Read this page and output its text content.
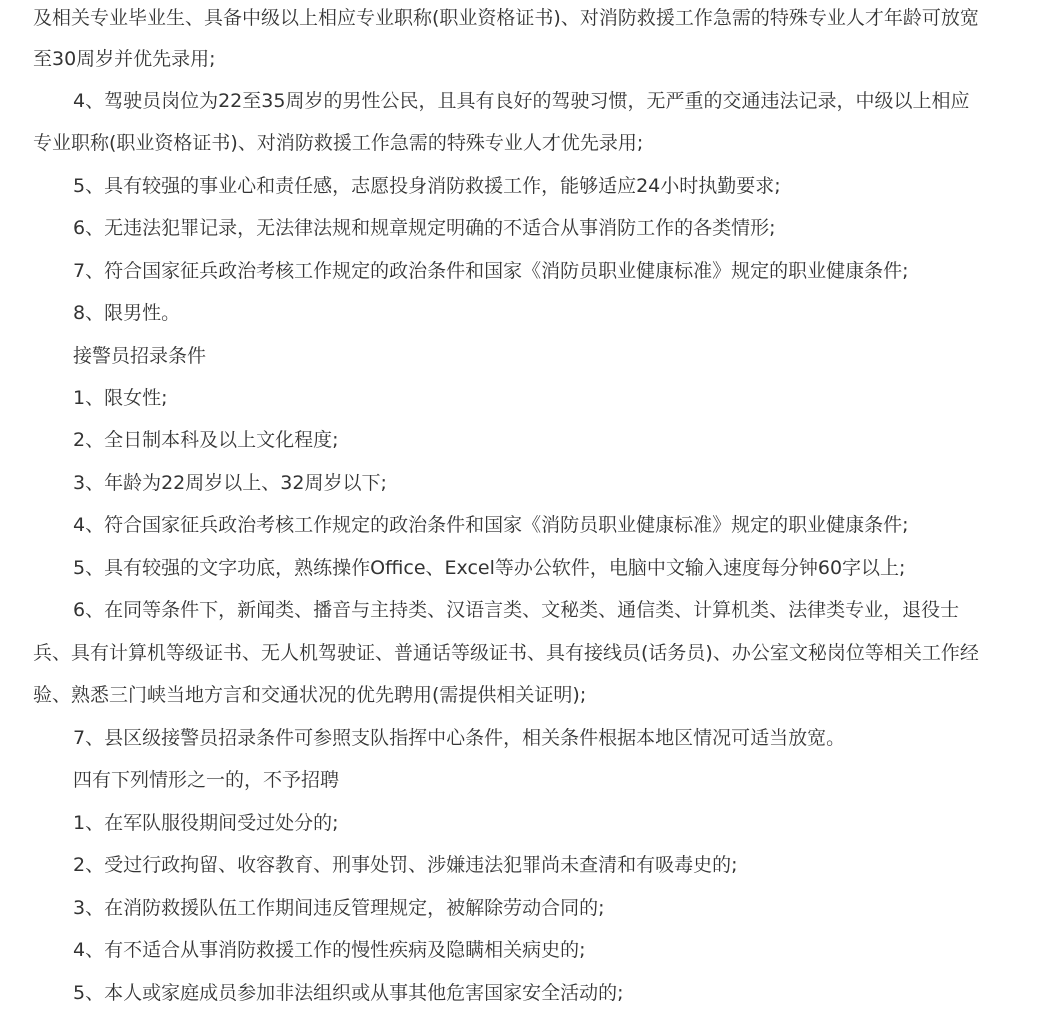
及相关专业毕业生、具备中级以上相应专业职称(职业资格证书)、对消防救援工作急需的特殊专业人才年龄可放宽
至30周岁并优先录用;
4、驾驶员岗位为22至35周岁的男性公民，且具有良好的驾驶习惯，无严重的交通违法记录，中级以上相应
专业职称(职业资格证书)、对消防救援工作急需的特殊专业人才优先录用;
5、具有较强的事业心和责任感，志愿投身消防救援工作，能够适应24小时执勤要求;
6、无违法犯罪记录，无法律法规和规章规定明确的不适合从事消防工作的各类情形;
7、符合国家征兵政治考核工作规定的政治条件和国家《消防员职业健康标准》规定的职业健康条件;
8、限男性。
接警员招录条件
1、限女性;
2、全日制本科及以上文化程度;
3、年龄为22周岁以上、32周岁以下;
4、符合国家征兵政治考核工作规定的政治条件和国家《消防员职业健康标准》规定的职业健康条件;
5、具有较强的文字功底，熟练操作Office、Excel等办公软件，电脑中文输入速度每分钟60字以上;
6、在同等条件下，新闻类、播音与主持类、汉语言类、文秘类、通信类、计算机类、法律类专业，退役士
兵、具有计算机等级证书、无人机驾驶证、普通话等级证书、具有接线员(话务员)、办公室文秘岗位等相关工作经
验、熟悉三门峡当地方言和交通状况的优先聘用(需提供相关证明);
7、县区级接警员招录条件可参照支队指挥中心条件，相关条件根据本地区情况可适当放宽。
四有下列情形之一的，不予招聘
1、在军队服役期间受过处分的;
2、受过行政拘留、收容教育、刑事处罚、涉嫌违法犯罪尚未查清和有吸毒史的;
3、在消防救援队伍工作期间违反管理规定，被解除劳动合同的;
4、有不适合从事消防救援工作的慢性疾病及隐瞒相关病史的;
5、本人或家庭成员参加非法组织或从事其他危害国家安全活动的;
